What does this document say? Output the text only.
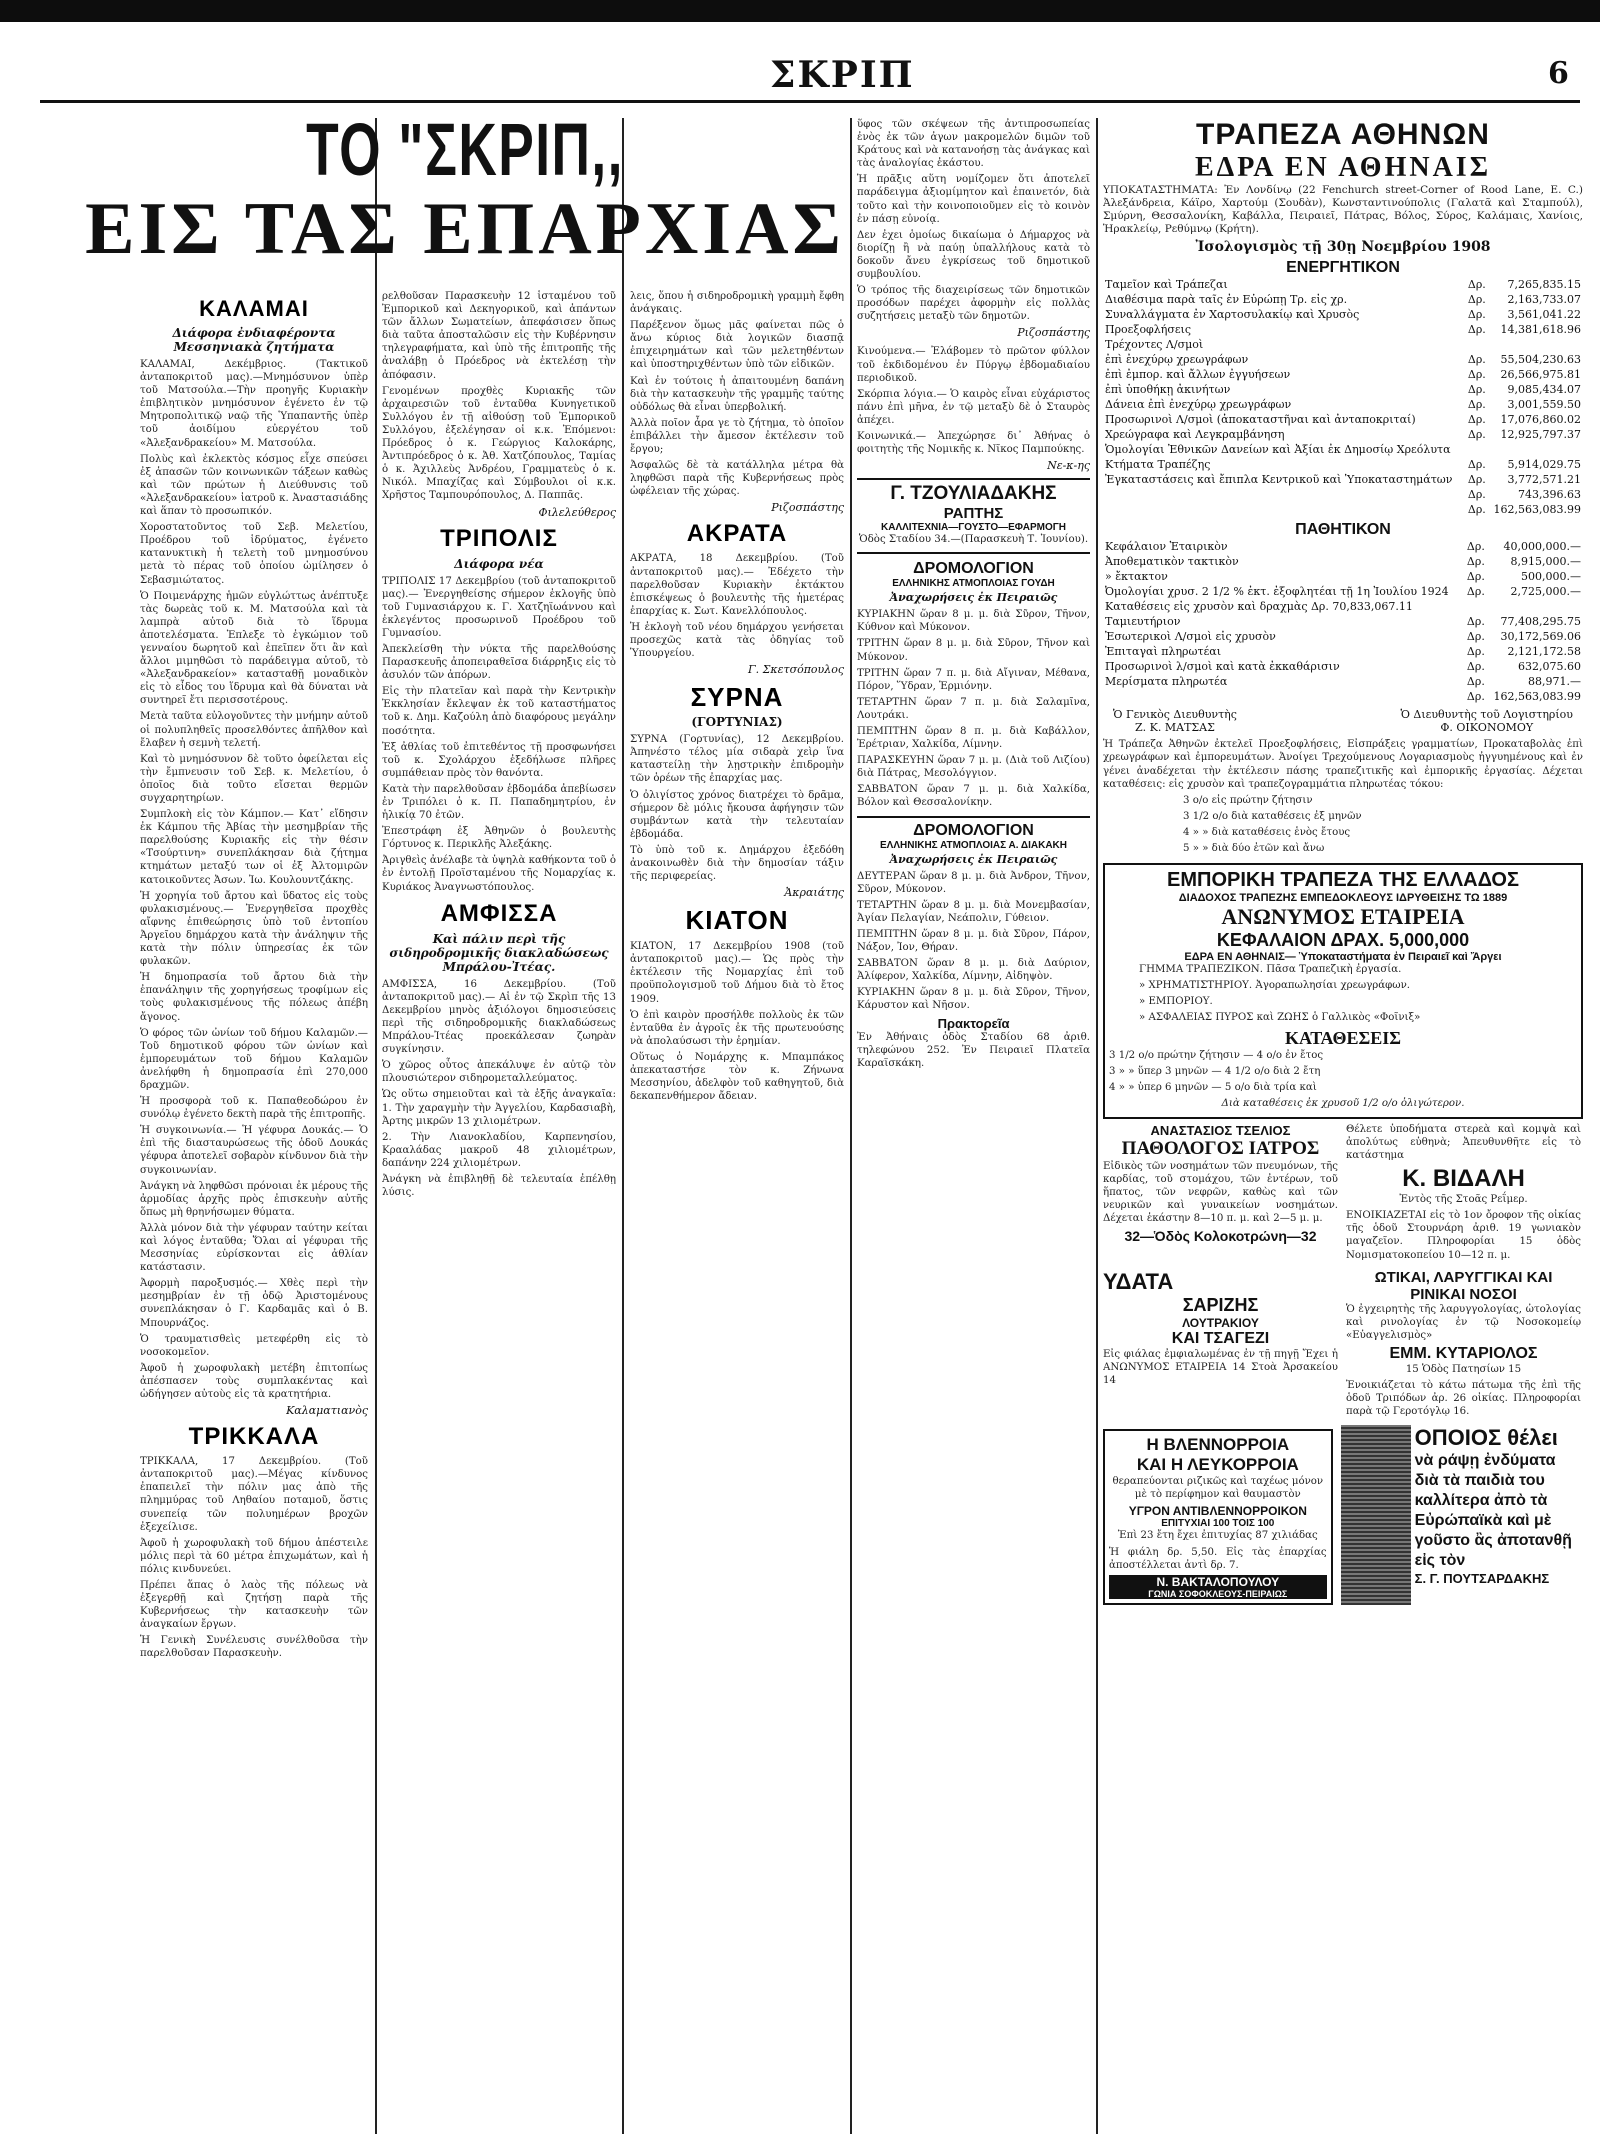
ΣΚΡΙΠ	6
ΤΟ "ΣΚΡΙΠ,,
ΕΙΣ ΤΑΣ ΕΠΑΡΧΙΑΣ
ΚΑΛΑΜΑΙ
Διάφορα ἐνδιαφέροντα Μεσσηνιακὰ ζητήματα
ΚΑΛΑΜΑΙ, Δεκέμβριος. (Τακτικοῦ ἀνταποκριτοῦ μας).—Μνημόσυνον ὑπὲρ τοῦ Ματσούλα.—Τὴν προηγῆς Κυριακὴν ἐπιβλητικὸν μνημόσυνον ἐγένετο ἐν τῷ Μητροπολιτικῷ ναῷ τῆς Ὑπαπαντῆς ὑπὲρ τοῦ ἀοιδίμου εὐεργέτου τοῦ «Ἀλεξανδρακείου» Μ. Ματσούλα.
Πολὺς καὶ ἐκλεκτὸς κόσμος εἶχε σπεύσει ἐξ ἁπασῶν τῶν κοινωνικῶν τάξεων καθὼς καὶ τῶν πρώτων ἡ Διεύθυνσις τοῦ «Ἀλεξανδρακείου» ἰατροῦ κ. Ἀναστασιάδης καὶ ἅπαν τὸ προσωπικόν.
Χοροστατοῦντος τοῦ Σεβ. Μελετίου, Προέδρου τοῦ ἱδρύματος, ἐγένετο κατανυκτικὴ ἡ τελετὴ τοῦ μνημοσύνου μετὰ τὸ πέρας τοῦ ὁποίου ὡμίλησεν ὁ Σεβασμιώτατος.
Ὁ Ποιμενάρχης ἡμῶν εὐγλώττως ἀνέπτυξε τὰς δωρεὰς τοῦ κ. Μ. Ματσούλα καὶ τὰ λαμπρὰ αὐτοῦ διὰ τὸ ἵδρυμα ἀποτελέσματα. Ἐπλεξε τὸ ἐγκώμιον τοῦ γενναίου δωρητοῦ καὶ ἐπεῖπεν ὅτι ἂν καὶ ἄλλοι μιμηθῶσι τὸ παράδειγμα αὐτοῦ, τὸ «Ἀλεξανδρακείον» κατασταθῇ μοναδικὸν εἰς τὸ εἶδος του ἵδρυμα καὶ θὰ δύναται νὰ συντηρεῖ ἔτι περισσοτέρους.
Μετὰ ταῦτα εὐλογοῦντες τὴν μνήμην αὐτοῦ οἱ πολυπληθεῖς προσελθόντες ἀπῆλθον καὶ ἔλαβεν ἡ σεμνὴ τελετή.
Καὶ τὸ μνημόσυνον δὲ τοῦτο ὀφείλεται εἰς τὴν ἔμπνευσιν τοῦ Σεβ. κ. Μελετίου, ὁ ὁποῖος διὰ τοῦτο εἴσεται θερμῶν συγχαρητηρίων.
Συμπλοκὴ εἰς τὸν Κάμπον.— Κατ᾽ εἴδησιν ἐκ Κάμπου τῆς Ἀβίας τὴν μεσημβρίαν τῆς παρελθούσης Κυριακῆς εἰς τὴν θέσιν «Τσούρτινη» συνεπλάκησαν διὰ ζήτημα κτημάτων μεταξύ των οἱ ἐξ Ἀλτομιρῶν κατοικοῦντες Ἀσων. Ἰω. Κουλουντζάκης.
Ἡ χορηγία τοῦ ἄρτου καὶ ὕδατος εἰς τοὺς φυλακισμένους.— Ἐνεργηθεῖσα προχθὲς αἴφνης ἐπιθεώρησις ὑπὸ τοῦ ἐντοπίου Ἀργεῖου δημάρχου κατὰ τὴν ἀνάληψιν τῆς κατὰ τὴν πόλιν ὑπηρεσίας ἐκ τῶν φυλακῶν.
Ἡ δημοπρασία τοῦ ἄρτου διὰ τὴν ἐπανάληψιν τῆς χορηγήσεως τροφίμων εἰς τοὺς φυλακισμένους τῆς πόλεως ἀπέβη ἄγονος.
Ὁ φόρος τῶν ὠνίων τοῦ δήμου Καλαμῶν.— Τοῦ δημοτικοῦ φόρου τῶν ὠνίων καὶ ἐμπορευμάτων τοῦ δήμου Καλαμῶν ἀνελήφθη ἡ δημοπρασία ἐπὶ 270,000 δραχμῶν.
Ἡ προσφορὰ τοῦ κ. Παπαθεοδώρου ἐν συνόλῳ ἐγένετο δεκτὴ παρὰ τῆς ἐπιτροπῆς.
Ἡ συγκοινωνία.— Ἡ γέφυρα Δουκάς.— Ὁ ἐπὶ τῆς διασταυρώσεως τῆς ὁδοῦ Δουκάς γέφυρα ἀποτελεῖ σοβαρὸν κίνδυνον διὰ τὴν συγκοινωνίαν.
Ἀνάγκη νὰ ληφθῶσι πρόνοιαι ἐκ μέρους τῆς ἀρμοδίας ἀρχῆς πρὸς ἐπισκευὴν αὐτῆς ὅπως μὴ θρηνήσωμεν θύματα.
Ἀλλὰ μόνον διὰ τὴν γέφυραν ταύτην κείται καὶ λόγος ἐνταῦθα; Ὅλαι αἱ γέφυραι τῆς Μεσσηνίας εὑρίσκονται εἰς ἀθλίαν κατάστασιν.
Ἀφορμὴ παροξυσμός.— Χθὲς περὶ τὴν μεσημβρίαν ἐν τῇ ὁδῷ Ἀριστομένους συνεπλάκησαν ὁ Γ. Καρδαμᾶς καὶ ὁ Β. Μπουρνάζος.
Ὁ τραυματισθεὶς μετεφέρθη εἰς τὸ νοσοκομεῖον.
Ἀφοῦ ἡ χωροφυλακὴ μετέβη ἐπιτοπίως ἀπέσπασεν τοὺς συμπλακέντας καὶ ὡδήγησεν αὐτοὺς εἰς τὰ κρατητήρια.
Καλαματιανὸς
ΤΡΙΚΚΑΛΑ
ΤΡΙΚΚΑΛΑ, 17 Δεκεμβρίου. (Τοῦ ἀνταποκριτοῦ μας).—Μέγας κίνδυνος ἐπαπειλεῖ τὴν πόλιν μας ἀπὸ τῆς πλημμύρας τοῦ Ληθαίου ποταμοῦ, ὅστις συνεπείᾳ τῶν πολυημέρων βροχῶν ἐξεχείλισε.
Ἀφοῦ ἡ χωροφυλακὴ τοῦ δήμου ἀπέστειλε μόλις περὶ τὰ 60 μέτρα ἐπιχωμάτων, καὶ ἡ πόλις κινδυνεύει.
Πρέπει ἅπας ὁ λαὸς τῆς πόλεως νὰ ἐξεγερθῇ καὶ ζητήσῃ παρὰ τῆς Κυβερνήσεως τὴν κατασκευὴν τῶν ἀναγκαίων ἔργων.
Ἡ Γενικὴ Συνέλευσις συνέλθοῦσα τὴν παρελθοῦσαν Παρασκευὴν.
ρελθοῦσαν Παρασκευὴν 12 ἱσταμένου τοῦ Ἐμπορικοῦ καὶ Δεκηγορικοῦ, καὶ ἁπάντων τῶν ἄλλων Σωματείων, ἀπεφάσισεν ὅπως διὰ ταῦτα ἀποσταλῶσιν εἰς τὴν Κυβέρνησιν τηλεγραφήματα, καὶ ὑπὸ τῆς ἐπιτροπῆς τῆς ἀναλάβῃ ὁ Πρόεδρος νὰ ἐκτελέσῃ τὴν ἀπόφασιν.
Γενομένων προχθὲς Κυριακῆς τῶν ἀρχαιρεσιῶν τοῦ ἐνταῦθα Κυνηγετικοῦ Συλλόγου ἐν τῇ αἰθούσῃ τοῦ Ἐμπορικοῦ Συλλόγου, ἐξελέγησαν οἱ κ.κ. Ἐπόμενοι: Πρόεδρος ὁ κ. Γεώργιος Καλοκάρης, Ἀντιπρόεδρος ὁ κ. Ἀθ. Χατζόπουλος, Ταμίας ὁ κ. Ἀχιλλεὺς Ἀνδρέου, Γραμματεὺς ὁ κ. Νικόλ. Μπαχίζας καὶ Σύμβουλοι οἱ κ.κ. Χρῆστος Ταμπουρόπουλος, Δ. Παππᾶς.
Φιλελεύθερος
ΤΡΙΠΟΛΙΣ
Διάφορα νέα
ΤΡΙΠΟΛΙΣ 17 Δεκεμβρίου (τοῦ ἀνταποκριτοῦ μας).— Ἐνεργηθείσης σήμερον ἐκλογῆς ὑπὸ τοῦ Γυμνασιάρχου κ. Γ. Χατζηϊωάννου καὶ ἐκλεγέντος προσωρινοῦ Προέδρου τοῦ Γυμνασίου.
Ἀπεκλείσθη τὴν νύκτα τῆς παρελθούσης Παρασκευῆς ἀποπειραθεῖσα διάρρηξις εἰς τὸ ἀσυλόν τῶν ἀπόρων.
Εἰς τὴν πλατεῖαν καὶ παρὰ τὴν Κεντρικὴν Ἐκκλησίαν ἔκλεψαν ἐκ τοῦ καταστήματος τοῦ κ. Δημ. Καζούλη ἀπὸ διαφόρους μεγάλην ποσότητα.
Ἐξ ἀθλίας τοῦ ἐπιτεθέντος τῇ προσφωνήσει τοῦ κ. Σχολάρχου ἐξεδήλωσε πλῆρες συμπάθειαν πρὸς τὸν θανόντα.
Κατὰ τὴν παρελθοῦσαν ἑβδομάδα ἀπεβίωσεν ἐν Τριπόλει ὁ κ. Π. Παπαδημητρίου, ἐν ἡλικίᾳ 70 ἐτῶν.
Ἐπεστράφη ἐξ Ἀθηνῶν ὁ βουλευτὴς Γόρτυνος κ. Περικλῆς Ἀλεξάκης.
Ἀριγθεὶς ἀνέλαβε τὰ ὑψηλὰ καθήκοντα τοῦ ὁ ἐν ἐντολῇ Προϊσταμένου τῆς Νομαρχίας κ. Κυριάκος Ἀναγνωστόπουλος.
ΑΜΦΙΣΣΑ
Καὶ πάλιν περὶ τῆς σιδηροδρομικῆς διακλαδώσεως Μπράλου-Ἰτέας.
ΑΜΦΙΣΣΑ, 16 Δεκεμβρίου. (Τοῦ ἀνταποκριτοῦ μας).— Αἱ ἐν τῷ Σκρὶπ τῆς 13 Δεκεμβρίου μηνὸς ἀξιόλογοι δημοσιεύσεις περὶ τῆς σιδηροδρομικῆς διακλαδώσεως Μπράλου-Ἰτέας προεκάλεσαν ζωηρὰν συγκίνησιν.
Ὁ χῶρος οὗτος ἀπεκάλυψε ἐν αὐτῷ τὸν πλουσιώτερον σιδηρομεταλλεύματος.
Ὡς οὕτω σημειοῦται καὶ τὰ ἑξῆς ἀναγκαῖα: 1. Τὴν χαραγμὴν τὴν Ἀγγελίου, Καρδασιαβὴ, Ἀρτης μικρῶν 13 χιλιομέτρων.
2. Τὴν Λιανοκλαδίου, Καρπενησίου, Κρααλάδας μακροῦ 48 χιλιομέτρων, δαπάνην 224 χιλιομέτρων.
Ἀνάγκη νὰ ἐπιβληθῇ δὲ τελευταία ἐπέλθῃ λύσις.
λεις, ὅπου ἡ σιδηροδρομικὴ γραμμὴ ἔφθη ἀνάγκαις.
Παρέξενον ὅμως μᾶς φαίνεται πῶς ὁ ἄνω κύριος διὰ λογικῶν διασπᾷ ἐπιχειρημάτων καὶ τῶν μελετηθέντων καὶ ὑποστηριχθέντων ὑπὸ τῶν εἰδικῶν.
Καὶ ἐν τούτοις ἡ ἀπαιτουμένη δαπάνη διὰ τὴν κατασκευὴν τῆς γραμμῆς ταύτης οὐδόλως θὰ εἶναι ὑπερβολική.
Ἀλλὰ ποῖον ἆρα γε τὸ ζήτημα, τὸ ὁποῖον ἐπιβάλλει τὴν ἄμεσον ἐκτέλεσιν τοῦ ἔργου;
Ἀσφαλῶς δὲ τὰ κατάλληλα μέτρα θὰ ληφθῶσι παρὰ τῆς Κυβερνήσεως πρὸς ὠφέλειαν τῆς χώρας.
Ριζοσπάστης
ΑΚΡΑΤΑ
ΑΚΡΑΤΑ, 18 Δεκεμβρίου. (Τοῦ ἀνταποκριτοῦ μας).— Ἐδέχετο τὴν παρελθοῦσαν Κυριακὴν ἐκτάκτου ἐπισκέψεως ὁ βουλευτὴς τῆς ἡμετέρας ἐπαρχίας κ. Σωτ. Κανελλόπουλος.
Ἡ ἐκλογὴ τοῦ νέου δημάρχου γενήσεται προσεχῶς κατὰ τὰς ὁδηγίας τοῦ Ὑπουργείου.
Γ. Σκετσόπουλος
ΣΥΡΝΑ
(ΓΟΡΤΥΝΙΑΣ)
ΣΥΡΝΑ (Γορτυνίας), 12 Δεκεμβρίου. Ἀπηνέστο τέλος μία σιδαρὰ χεὶρ ἵνα καταστείλῃ τὴν λῃστρικὴν ἐπιδρομὴν τῶν ὁρέων τῆς ἐπαρχίας μας.
Ὁ ὀλιγίστος χρόνος διατρέχει τὸ δρᾶμα, σήμερον δὲ μόλις ἤκουσα ἀφήγησιν τῶν συμβάντων κατὰ τὴν τελευταίαν ἑβδομάδα.
Τὸ ὑπὸ τοῦ κ. Δημάρχου ἐξεδόθη ἀνακοινωθὲν διὰ τὴν δημοσίαν τάξιν τῆς περιφερείας.
Ἀκραιάτης
ΚΙΑΤΟΝ
ΚΙΑΤΟΝ, 17 Δεκεμβρίου 1908 (τοῦ ἀνταποκριτοῦ μας).— Ὡς πρὸς τὴν ἐκτέλεσιν τῆς Νομαρχίας ἐπὶ τοῦ προϋπολογισμοῦ τοῦ Δήμου διὰ τὸ ἔτος 1909.
Ὁ ἐπὶ καιρὸν προσήλθε πολλοὺς ἐκ τῶν ἐνταῦθα ἐν ἀγροῖς ἐκ τῆς πρωτευούσης νὰ ἀπολαύσωσι τὴν ἐρημίαν.
Οὕτως ὁ Νομάρχης κ. Μπαμπάκος ἀπεκαταστήσε τὸν κ. Ζήνωνα Μεσσηνίου, ἀδελφὸν τοῦ καθηγητοῦ, διὰ δεκαπενθήμερον ἄδειαν.
ὕφος τῶν σκέψεων τῆς ἀντιπροσωπείας ἐνὸς ἐκ τῶν ἀγων μακρομελῶν διμῶν τοῦ Κράτους καὶ νὰ κατανοήσῃ τὰς ἀνάγκας καὶ τὰς ἀναλογίας ἐκάστου.
Ἡ πρᾶξις αὕτη νομίζομεν ὅτι ἀποτελεῖ παράδειγμα ἀξιομίμητον καὶ ἐπαινετόν, διὰ τοῦτο καὶ τὴν κοινοποιοῦμεν εἰς τὸ κοινὸν ἐν πάσῃ εὐνοίᾳ.
Δεν ἐχει ὁμοίως δικαίωμα ὁ Δήμαρχος νὰ διορίζῃ ἢ νὰ παύῃ ὑπαλλήλους κατὰ τὸ δοκοῦν ἄνευ ἐγκρίσεως τοῦ δημοτικοῦ συμβουλίου.
Ὁ τρόπος τῆς διαχειρίσεως τῶν δημοτικῶν προσόδων παρέχει ἀφορμὴν εἰς πολλὰς συζητήσεις μεταξὺ τῶν δημοτῶν.
Ριζοσπάστης
Κινούμενα.— Ἐλάβομεν τὸ πρῶτον φύλλον τοῦ ἐκδιδομένου ἐν Πύργῳ ἑβδομαδιαίου περιοδικοῦ.
Σκόρπια λόγια.— Ὁ καιρὸς εἶναι εὐχάριστος πάνυ ἐπὶ μῆνα, ἐν τῷ μεταξὺ δὲ ὁ Σταυρὸς ἀπέχει.
Κοινωνικά.— Ἀπεχώρησε δι᾽ Ἀθήνας ὁ φοιτητὴς τῆς Νομικῆς κ. Νῖκος Παμπούκης.
Νε-κ-ης
Γ. ΤΖΟΥΛΙΑΔΑΚΗΣ
ΡΑΠΤΗΣ
ΚΑΛΛΙΤΕΧΝΙΑ—ΓΟΥΣΤΟ—ΕΦΑΡΜΟΓΗ
Ὁδὸς Σταδίου 34.—(Παρασκευὴ Τ. Ἰουνίου).
ΔΡΟΜΟΛΟΓΙΟΝ
ΕΛΛΗΝΙΚΗΣ ΑΤΜΟΠΛΟΙΑΣ ΓΟΥΔΗ
Ἀναχωρήσεις ἐκ Πειραιῶς
ΚΥΡΙΑΚΗΝ ὥραν 8 μ. μ. διὰ Σῦρον, Τῆνον, Κύθνον καὶ Μύκονον.
ΤΡΙΤΗΝ ὥραν 8 μ. μ. διὰ Σῦρον, Τῆνον καὶ Μύκονον.
ΤΡΙΤΗΝ ὥραν 7 π. μ. διὰ Αἴγιναν, Μέθανα, Πόρον, Ὕδραν, Ἑρμιόνην.
ΤΕΤΑΡΤΗΝ ὥραν 7 π. μ. διὰ Σαλαμῖνα, Λουτράκι.
ΠΕΜΠΤΗΝ ὥραν 8 π. μ. διὰ Καβάλλον, Ἐρέτριαν, Χαλκίδα, Λίμνην.
ΠΑΡΑΣΚΕΥΗΝ ὥραν 7 μ. μ. (Διὰ τοῦ Λιζίου) διὰ Πάτρας, Μεσολόγγιον.
ΣΑΒΒΑΤΟΝ ὥραν 7 μ. μ. διὰ Χαλκίδα, Βόλον καὶ Θεσσαλονίκην.
ΔΡΟΜΟΛΟΓΙΟΝ
ΕΛΛΗΝΙΚΗΣ ΑΤΜΟΠΛΟΙΑΣ Α. ΔΙΑΚΑΚΗ
Ἀναχωρήσεις ἐκ Πειραιῶς
ΔΕΥΤΕΡΑΝ ὥραν 8 μ. μ. διὰ Ἀνδρον, Τῆνον, Σῦρον, Μύκονον.
ΤΕΤΑΡΤΗΝ ὥραν 8 μ. μ. διὰ Μονεμβασίαν, Ἀγίαν Πελαγίαν, Νεάπολιν, Γύθειον.
ΠΕΜΠΤΗΝ ὥραν 8 μ. μ. διὰ Σῦρον, Πάρον, Νάξον, Ἰον, Θήραν.
ΣΑΒΒΑΤΟΝ ὥραν 8 μ. μ. διὰ Δαύριον, Ἀλίφερον, Χαλκίδα, Λίμνην, Αἰδηψὸν.
ΚΥΡΙΑΚΗΝ ὥραν 8 μ. μ. διὰ Σῦρον, Τῆνον, Κάρυστον καὶ Νῆσον.
Πρακτορεῖα
Ἐν Ἀθήναις ὁδὸς Σταδίου 68 ἀριθ. τηλεφώνου 252. Ἐν Πειραιεῖ Πλατεῖα Καραϊσκάκη.
ΤΡΑΠΕΖΑ ΑΘΗΝΩΝ
ΕΔΡΑ ΕΝ ΑΘΗΝΑΙΣ
ΥΠΟΚΑΤΑΣΤΗΜΑΤΑ: Ἐν Λονδίνῳ (22 Fenchurch street-Corner of Rood Lane, E. C.) Ἀλεξάνδρεια, Κάϊρο, Χαρτούμ (Σουδὰν), Κωνσταντινούπολις (Γαλατᾶ καὶ Σταμπούλ), Σμύρνη, Θεσσαλονίκη, Καβάλλα, Πειραιεῖ, Πάτρας, Βόλος, Σύρος, Καλάμαις, Χανίοις, Ἡρακλείῳ, Ρεθύμνῳ (Κρήτη).
Ἰσολογισμὸς τῇ 30ῃ Νοεμβρίου 1908
ΕΝΕΡΓΗΤΙΚΟΝ
Ταμεῖον καὶ Τράπεζαι	Δρ.	7,265,835.15
Διαθέσιμα παρὰ ταῖς ἐν Εὐρώπῃ Τρ. εἰς χρ.	Δρ.	2,163,733.07
Συναλλάγματα ἐν Χαρτοσυλακίῳ καὶ Χρυσὸς	Δρ.	3,561,041.22
Προεξοφλήσεις	Δρ.	14,381,618.96
Τρέχοντες Λ/σμοὶ		
ἐπὶ ἐνεχύρῳ χρεωγράφων	Δρ.	55,504,230.63
ἐπὶ ἐμπορ. καὶ ἄλλων ἐγγυήσεων	Δρ.	26,566,975.81
ἐπὶ ὑποθήκῃ ἀκινήτων	Δρ.	9,085,434.07
Δάνεια ἐπὶ ἐνεχύρῳ χρεωγράφων	Δρ.	3,001,559.50
Προσωρινοὶ Λ/σμοὶ (ἀποκαταστῆναι καὶ ἀνταποκριταί)	Δρ.	17,076,860.02
Χρεώγραφα καὶ Λεγκραμβάνηση	Δρ.	12,925,797.37
Ὁμολογίαι Ἐθνικῶν Δανείων καὶ Ἀξίαι ἐκ Δημοσίῳ Χρεόλυτα		
Κτήματα Τραπέζης	Δρ.	5,914,029.75
Ἐγκαταστάσεις καὶ ἔπιπλα Κεντρικοῦ καὶ Ὑποκαταστημάτων	Δρ.	3,772,571.21
	Δρ.	743,396.63
	Δρ.	162,563,083.99
ΠΑΘΗΤΙΚΟΝ
Κεφάλαιον Ἑταιρικὸν	Δρ.	40,000,000.—
Ἀποθεματικὸν τακτικὸν	Δρ.	8,915,000.—
» ἔκτακτον	Δρ.	500,000.—
Ὀμολογίαι χρυσ. 2 1/2 % ἐκτ. ἐξοφλητέαι τῇ 1η Ἰουλίου 1924	Δρ.	2,725,000.—
Καταθέσεις εἰς χρυσὸν καὶ δραχμὰς Δρ. 70,833,067.11		
Ταμιευτήριον	Δρ.	77,408,295.75
Ἐσωτερικοὶ Λ/σμοὶ εἰς χρυσὸν	Δρ.	30,172,569.06
Ἐπιταγαὶ πληρωτέαι	Δρ.	2,121,172.58
Προσωρινοὶ λ/σμοὶ καὶ κατὰ ἐκκαθάρισιν	Δρ.	632,075.60
Μερίσματα πληρωτέα	Δρ.	88,971.—
	Δρ.	162,563,083.99
Ὁ Γενικὸς Διευθυντὴς
Ζ. Κ. ΜΑΤΣΑΣ
Ὁ Διευθυντὴς τοῦ Λογιστηρίου
Φ. ΟΙΚΟΝΟΜΟΥ
Ἡ Τράπεζα Ἀθηνῶν ἐκτελεῖ Προεξοφλήσεις, Εἰσπράξεις γραμματίων, Προκαταβολὰς ἐπὶ χρεωγράφων καὶ ἐμπορευμάτων. Ἀνοίγει Τρεχούμενους Λογαριασμοὺς ἠγγυημένους καὶ ἐν γένει ἀναδέχεται τὴν ἐκτέλεσιν πάσης τραπεζιτικῆς καὶ ἐμπορικῆς ἐργασίας. Δέχεται καταθέσεις: εἰς χρυσὸν καὶ τραπεζογραμμάτια πληρωτέας τόκου:
3 ο/ο εἰς πρώτην ζήτησιν
3 1/2 ο/ο διὰ καταθέσεις ἐξ μηνῶν
4 » » διὰ καταθέσεις ἑνὸς ἔτους
5 » » διὰ δύο ἐτῶν καὶ ἄνω
ΕΜΠΟΡΙΚΗ ΤΡΑΠΕΖΑ ΤΗΣ ΕΛΛΑΔΟΣ
ΔΙΑΔΟΧΟΣ ΤΡΑΠΕΖΗΣ ΕΜΠΕΔΟΚΛΕΟΥΣ ΙΔΡΥΘΕΙΣΗΣ ΤΩ 1889
ΑΝΩΝΥΜΟΣ ΕΤΑΙΡΕΙΑ
ΚΕΦΑΛΑΙΟΝ ΔΡΑΧ. 5,000,000
ΕΔΡΑ ΕΝ ΑΘΗΝΑΙΣ— Ὑποκαταστήματα ἐν Πειραιεῖ καὶ Ἄργει
ΓΗΜΜΑ ΤΡΑΠΕΖΙΚΟΝ. Πᾶσα Τραπεζικὴ ἐργασία.
» ΧΡΗΜΑΤΙΣΤΗΡΙΟΥ. Ἀγοραπωλησίαι χρεωγράφων.
» ΕΜΠΟΡΙΟΥ.
» ΑΣΦΑΛΕΙΑΣ ΠΥΡΟΣ καὶ ΖΩΗΣ ὁ Γαλλικὸς «Φοῖνιξ»
ΚΑΤΑΘΕΣΕΙΣ
3 1/2 ο/ο πρώτην ζήτησιν — 4 ο/ο ἐν ἔτος
3 » » ὕπερ 3 μηνῶν — 4 1/2 ο/ο διὰ 2 ἔτη
4 » » ὑπερ 6 μηνῶν — 5 ο/ο διὰ τρία καὶ
Διὰ καταθέσεις ἐκ χρυσοῦ 1/2 ο/ο ὀλιγώτερον.
ΑΝΑΣΤΑΣΙΟΣ ΤΣΕΛΙΟΣ
ΠΑΘΟΛΟΓΟΣ ΙΑΤΡΟΣ
Εἰδικὸς τῶν νοσημάτων τῶν πνευμόνων, τῆς καρδίας, τοῦ στομάχου, τῶν ἐντέρων, τοῦ ἥπατος, τῶν νεφρῶν, καθὼς καὶ τῶν νευρικῶν καὶ γυναικείων νοσημάτων. Δέχεται ἑκάστην 8—10 π. μ. καὶ 2—5 μ. μ.
32—Ὁδὸς Κολοκοτρώνη—32
Θέλετε ὑποδήματα στερεὰ καὶ κομψὰ καὶ ἀπολύτως εὐθηνὰ; Ἀπευθυνθῆτε εἰς τὸ κατάστημα
Κ. ΒΙΔΑΛΗ
Ἐντὸς τῆς Στοᾶς Ρεΐμερ.
ΕΝΟΙΚΙΑΖΕΤΑΙ εἰς τὸ 1ον ὄροφον τῆς οἰκίας τῆς ὁδοῦ Στουρνάρη ἀριθ. 19 γωνιακὸν μαγαζεῖον. Πληροφορίαι 15 ὁδὸς Νομισματοκοπείου 10—12 π. μ.
ΥΔΑΤΑ
ΣΑΡΙΖΗΣ
ΛΟΥΤΡΑΚΙΟΥ
ΚΑΙ ΤΣΑΓΕΖΙ
Εἰς φιάλας ἐμφιαλωμένας ἐν τῇ πηγῇ Ἔχει ἡ ΑΝΩΝΥΜΟΣ ΕΤΑΙΡΕΙΑ 14 Στοὰ Ἀρσακείου 14
ΩΤΙΚΑΙ, ΛΑΡΥΓΓΙΚΑΙ ΚΑΙ ΡΙΝΙΚΑΙ ΝΟΣΟΙ
Ὁ ἐγχειρητὴς τῆς λαρυγγολογίας, ὠτολογίας καὶ ρινολογίας ἐν τῷ Νοσοκομείῳ «Εὐαγγελισμὸς»
ΕΜΜ. ΚΥΤΑΡΙΟΛΟΣ
15 Ὁδὸς Πατησίων 15
Ἐνοικιάζεται τὸ κάτω πάτωμα τῆς ἐπὶ τῆς ὁδοῦ Τριπόδων ἀρ. 26 οἰκίας. Πληροφορίαι παρὰ τῷ Γεροτόγλῳ 16.
Η ΒΛΕΝΝΟΡΡΟΙΑ
ΚΑΙ Η ΛΕΥΚΟΡΡΟΙΑ
θεραπεύονται ριζικῶς καὶ ταχέως μόνον μὲ τὸ περίφημον καὶ θαυμαστὸν
ΥΓΡΟΝ ΑΝΤΙΒΛΕΝΝΟΡΡΟΙΚΟΝ
ΕΠΙΤΥΧΙΑΙ 100 ΤΟΙΣ 100
Ἐπὶ 23 ἔτη ἔχει ἐπιτυχίας 87 χιλιάδας
Ἡ φιάλη δρ. 5,50. Εἰς τὰς ἐπαρχίας ἀποστέλλεται ἀντὶ δρ. 7.
Ν. ΒΑΚΤΑΛΟΠΟΥΛΟΥ
ΓΩΝΙΑ ΣΟΦΟΚΛΕΟΥΣ-ΠΕΙΡΑΙΩΣ
ΟΠΟΙΟΣ θέλει
νὰ ράψῃ ἐνδύματα διὰ τὰ παιδιὰ του καλλίτερα ἀπὸ τὰ Εὐρώπαϊκὰ καὶ μὲ γοῦστο ἂς ἀποτανθῇ εἰς τὸν
Σ. Γ. ΠΟΥΤΣΑΡΔΑΚΗΣ
